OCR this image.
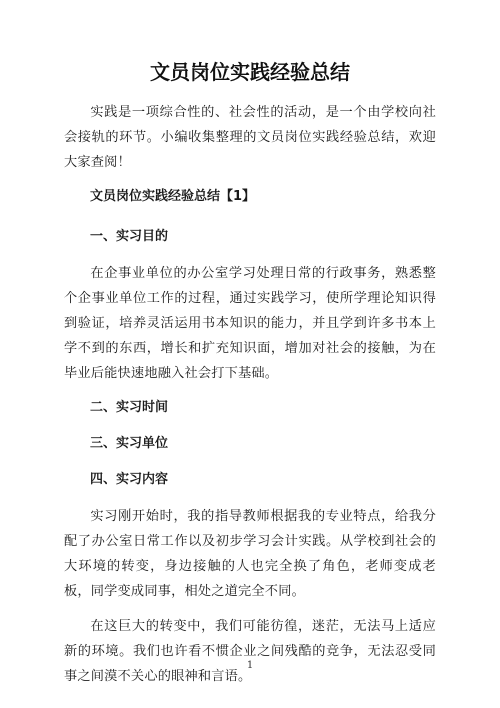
文员岗位实践经验总结

实践是一项综合性的、社会性的活动，是一个由学校向社会接轨的环节。小编收集整理的文员岗位实践经验总结，欢迎大家查阅！

文员岗位实践经验总结【1】
一、实习目的

在企事业单位的办公室学习处理日常的行政事务，熟悉整个企事业单位工作的过程，通过实践学习，使所学理论知识得到验证，培养灵活运用书本知识的能力，并且学到许多书本上学不到的东西，增长和扩充知识面，增加对社会的接触，为在毕业后能快速地融入社会打下基础。

二、实习时间
三、实习单位
四、实习内容

实习刚开始时，我的指导教师根据我的专业特点，给我分配了办公室日常工作以及初步学习会计实践。从学校到社会的大环境的转变，身边接触的人也完全换了角色，老师变成老板，同学变成同事，相处之道完全不同。

在这巨大的转变中，我们可能彷徨，迷茫，无法马上适应新的环境。我们也许看不惯企业之间残酷的竞争，无法忍受同事之间漠不关心的眼神和言语。

1
